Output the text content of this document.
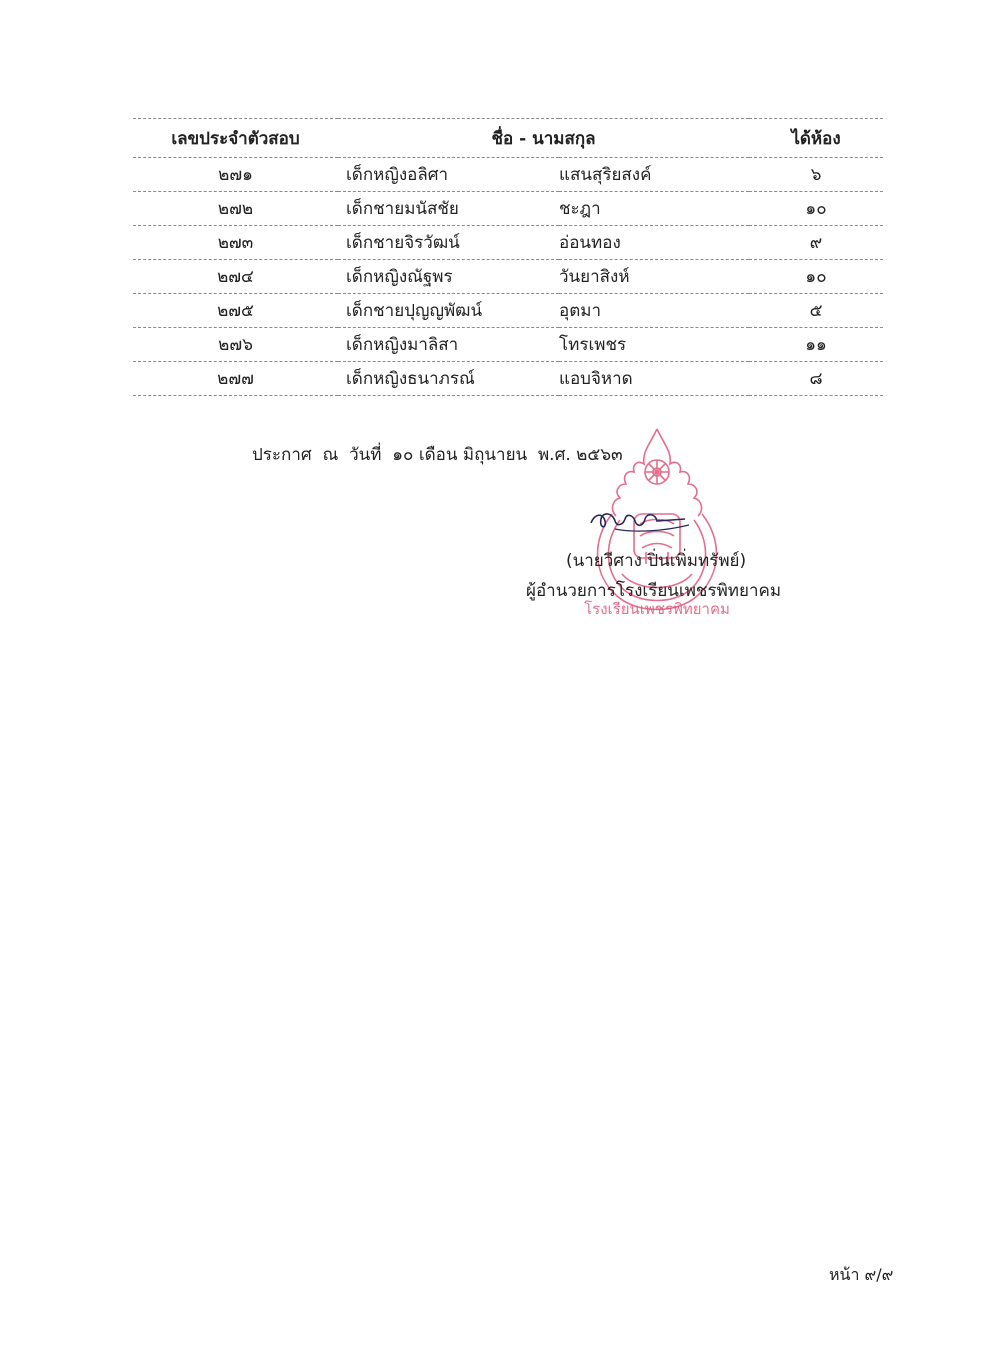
เลขประจำตัวสอบ	ชื่อ - นามสกุล		ได้ห้อง
๒๗๑	เด็กหญิงอลิศา	แสนสุริยสงค์	๖
๒๗๒	เด็กชายมนัสชัย	ชะฎา	๑๐
๒๗๓	เด็กชายจิรวัฒน์	อ่อนทอง	๙
๒๗๔	เด็กหญิงณัฐพร	วันยาสิงห์	๑๐
๒๗๕	เด็กชายปุญญพัฒน์	อุตมา	๕
๒๗๖	เด็กหญิงมาลิสา	โทรเพชร	๑๑
๒๗๗	เด็กหญิงธนาภรณ์	แอบจิหาด	๘
ประกาศ  ณ  วันที่  ๑๐ เดือน มิถุนายน  พ.ศ. ๒๕๖๓
โรงเรียนเพชรพิทยาคม
(นายวีศาง ปิ่นเพิ่มทรัพย์)
ผู้อำนวยการโรงเรียนเพชรพิทยาคม
หน้า ๙/๙
